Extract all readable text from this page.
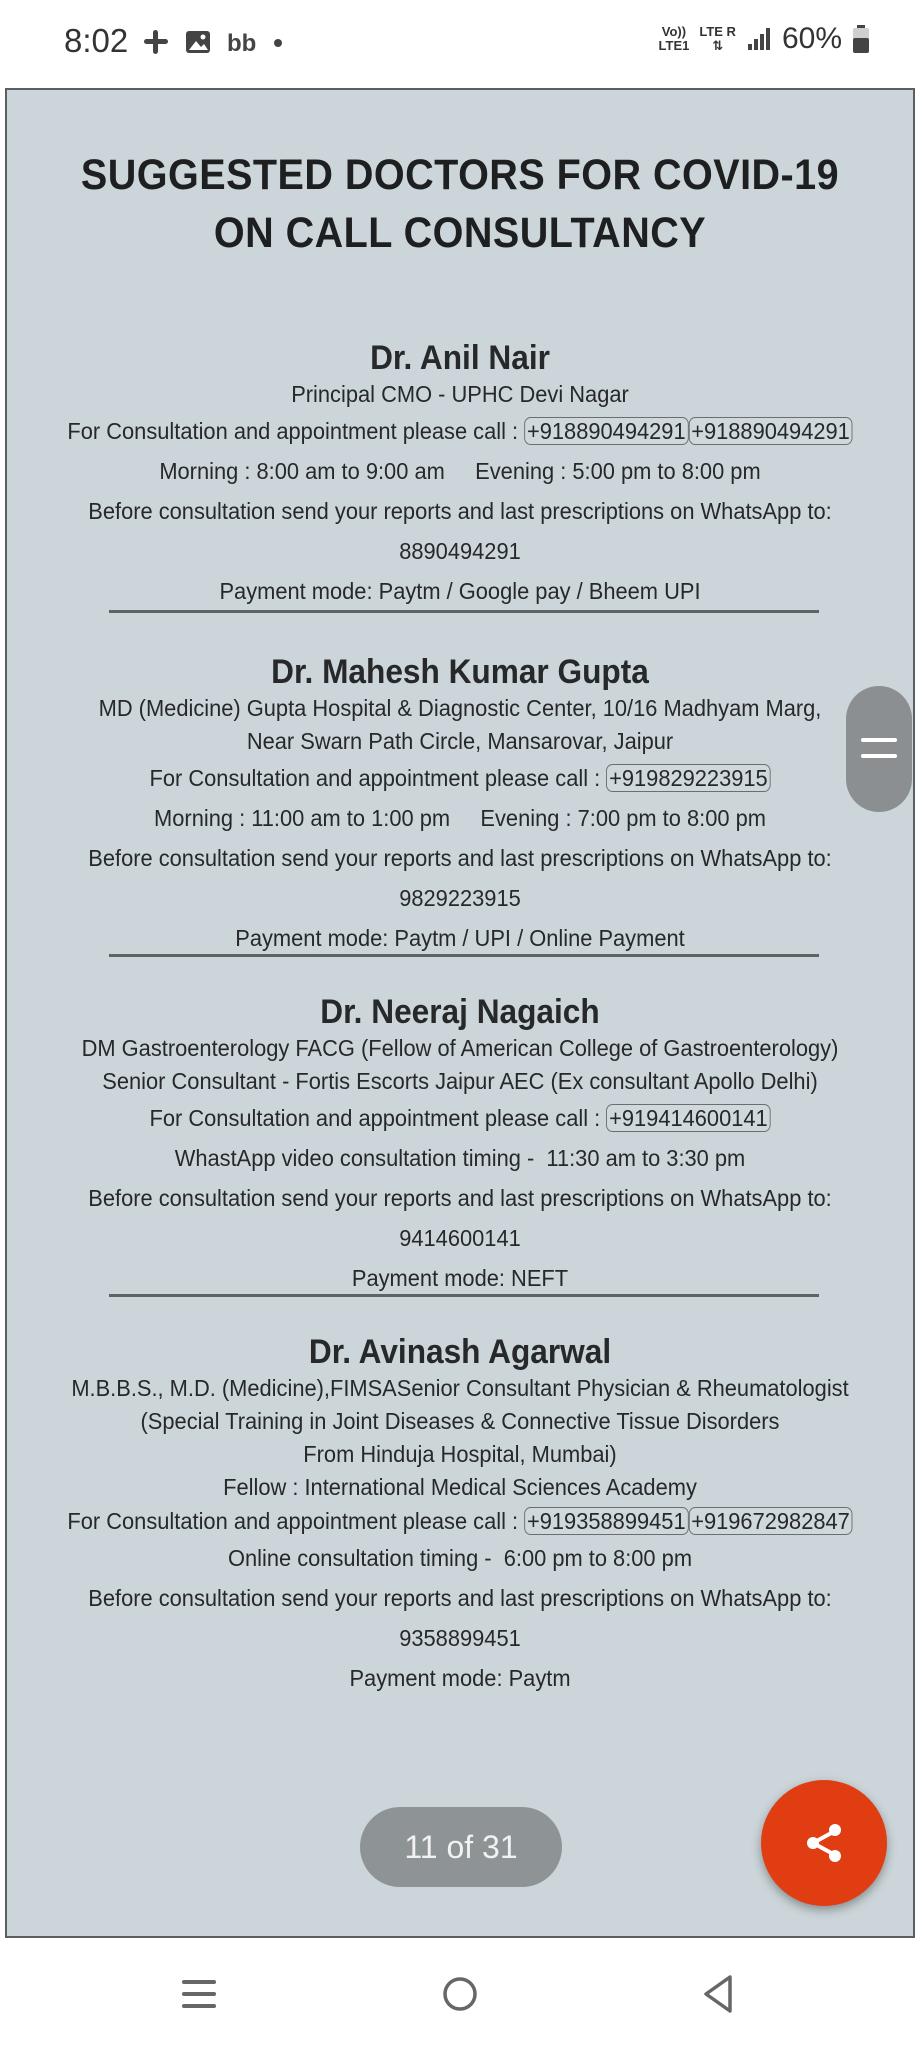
8:02	bb	Vo))
LTE1
LTE R
⇅	60%
SUGGESTED DOCTORS FOR COVID-19
ON CALL CONSULTANCY
Dr. Anil Nair
Principal CMO - UPHC Devi Nagar
For Consultation and appointment please call : +918890494291 +918890494291
Morning : 8:00 am to 9:00 am     Evening : 5:00 pm to 8:00 pm
Before consultation send your reports and last prescriptions on WhatsApp to: 8890494291
Payment mode: Paytm / Google pay / Bheem UPI
Dr. Mahesh Kumar Gupta
MD (Medicine) Gupta Hospital & Diagnostic Center, 10/16 Madhyam Marg,
Near Swarn Path Circle, Mansarovar, Jaipur
For Consultation and appointment please call : +919829223915
Morning : 11:00 am to 1:00 pm     Evening : 7:00 pm to 8:00 pm
Before consultation send your reports and last prescriptions on WhatsApp to: 9829223915
Payment mode: Paytm / UPI / Online Payment
Dr. Neeraj Nagaich
DM Gastroenterology FACG (Fellow of American College of Gastroenterology)
Senior Consultant - Fortis Escorts Jaipur AEC (Ex consultant Apollo Delhi)
For Consultation and appointment please call : +919414600141
WhastApp video consultation timing -  11:30 am to 3:30 pm
Before consultation send your reports and last prescriptions on WhatsApp to: 9414600141
Payment mode: NEFT
Dr. Avinash Agarwal
M.B.B.S., M.D. (Medicine),FIMSASenior Consultant Physician & Rheumatologist
(Special Training in Joint Diseases & Connective Tissue Disorders
From Hinduja Hospital, Mumbai)
Fellow : International Medical Sciences Academy
For Consultation and appointment please call : +919358899451 +919672982847
Online consultation timing -  6:00 pm to 8:00 pm
Before consultation send your reports and last prescriptions on WhatsApp to: 9358899451
Payment mode: Paytm
11 of 31
